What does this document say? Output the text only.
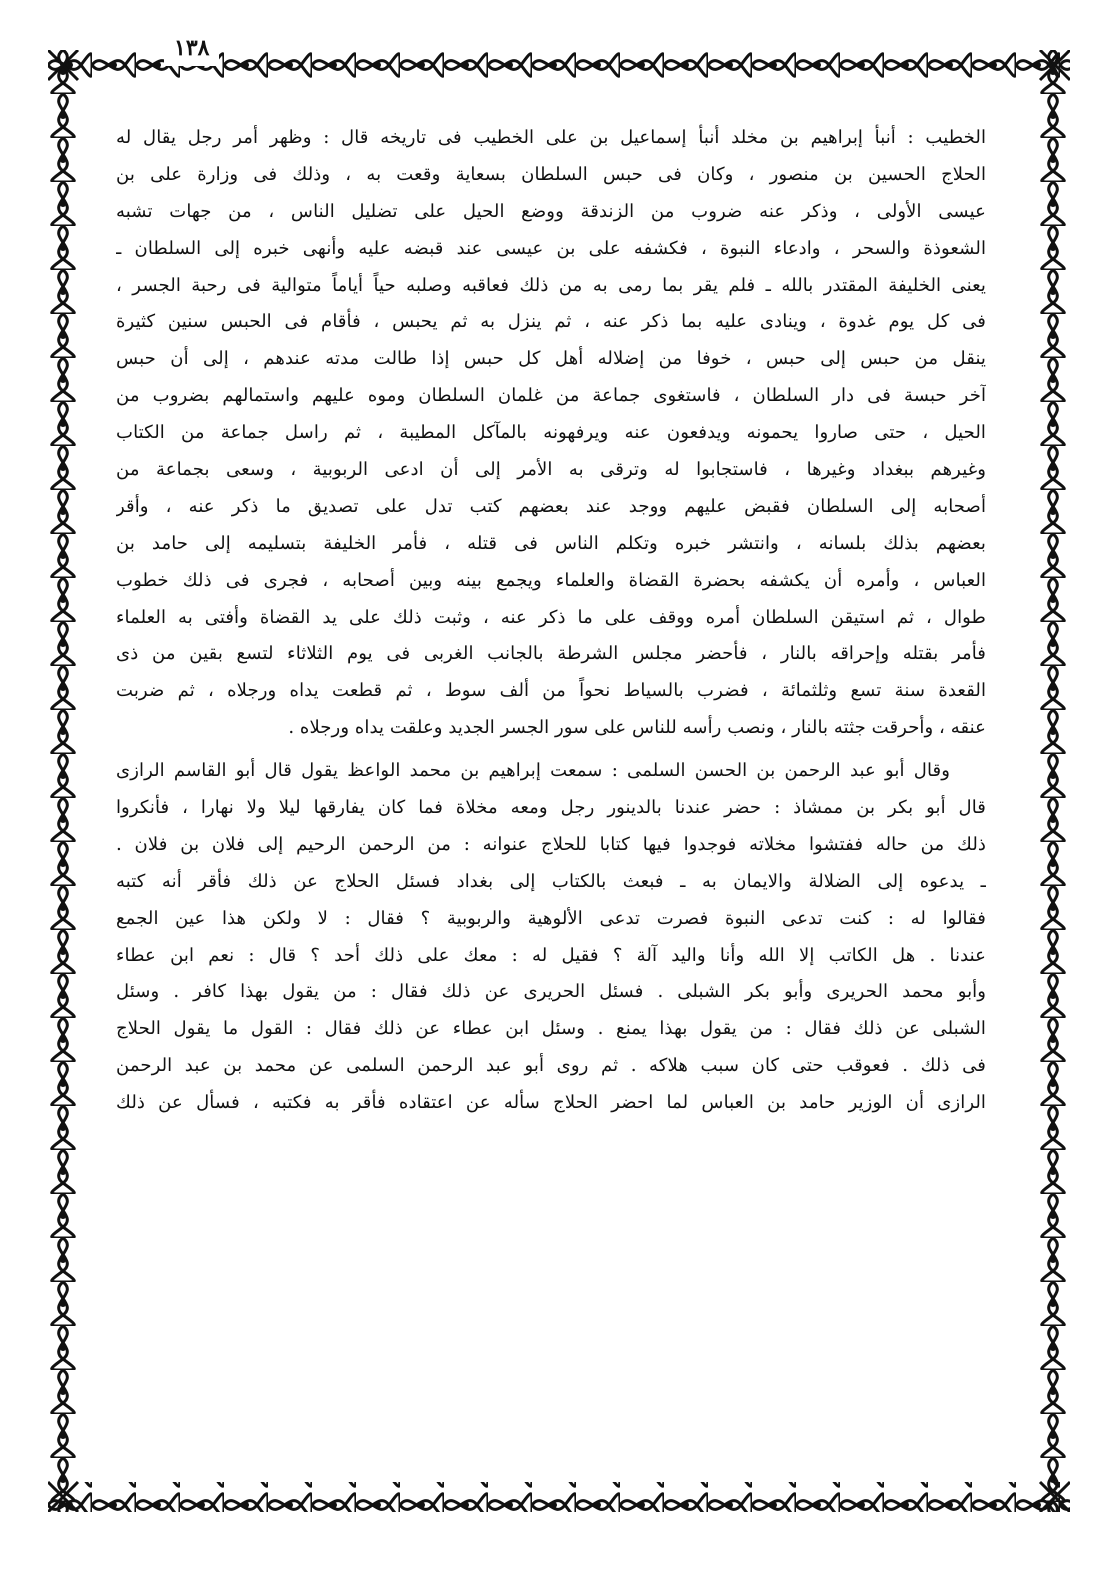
١٣٨
الخطيب : أنبأ إبراهيم بن مخلد أنبأ إسماعيل بن على الخطيب فى تاريخه قال : وظهر أمر رجل يقال له
الحلاج الحسين بن منصور ، وكان فى حبس السلطان بسعاية وقعت به ، وذلك فى وزارة على بن
عيسى الأولى ، وذكر عنه ضروب من الزندقة ووضع الحيل على تضليل الناس ، من جهات تشبه
الشعوذة والسحر ، وادعاء النبوة ، فكشفه على بن عيسى عند قبضه عليه وأنهى خبره إلى السلطان ـ
يعنى الخليفة المقتدر بالله ـ فلم يقر بما رمى به من ذلك فعاقبه وصلبه حياً أياماً متوالية فى رحبة الجسر ،
فى كل يوم غدوة ، وينادى عليه بما ذكر عنه ، ثم ينزل به ثم يحبس ، فأقام فى الحبس سنين كثيرة
ينقل من حبس إلى حبس ، خوفا من إضلاله أهل كل حبس إذا طالت مدته عندهم ، إلى أن حبس
آخر حبسة فى دار السلطان ، فاستغوى جماعة من غلمان السلطان وموه عليهم واستمالهم بضروب من
الحيل ، حتى صاروا يحمونه ويدفعون عنه ويرفهونه بالمآكل المطيبة ، ثم راسل جماعة من الكتاب
وغيرهم ببغداد وغيرها ، فاستجابوا له وترقى به الأمر إلى أن ادعى الربوبية ، وسعى بجماعة من
أصحابه إلى السلطان فقبض عليهم ووجد عند بعضهم كتب تدل على تصديق ما ذكر عنه ، وأقر
بعضهم بذلك بلسانه ، وانتشر خبره وتكلم الناس فى قتله ، فأمر الخليفة بتسليمه إلى حامد بن
العباس ، وأمره أن يكشفه بحضرة القضاة والعلماء ويجمع بينه وبين أصحابه ، فجرى فى ذلك خطوب
طوال ، ثم استيقن السلطان أمره ووقف على ما ذكر عنه ، وثبت ذلك على يد القضاة وأفتى به العلماء
فأمر بقتله وإحراقه بالنار ، فأحضر مجلس الشرطة بالجانب الغربى فى يوم الثلاثاء لتسع بقين من ذى
القعدة سنة تسع وثلثمائة ، فضرب بالسياط نحواً من ألف سوط ، ثم قطعت يداه ورجلاه ، ثم ضربت
عنقه ، وأحرقت جثته بالنار ، ونصب رأسه للناس على سور الجسر الجديد وعلقت يداه ورجلاه .
وقال أبو عبد الرحمن بن الحسن السلمى : سمعت إبراهيم بن محمد الواعظ يقول قال أبو القاسم الرازى
قال أبو بكر بن ممشاذ : حضر عندنا بالدينور رجل ومعه مخلاة فما كان يفارقها ليلا ولا نهارا ، فأنكروا
ذلك من حاله ففتشوا مخلاته فوجدوا فيها كتابا للحلاج عنوانه : من الرحمن الرحيم إلى فلان بن فلان .
ـ يدعوه إلى الضلالة والايمان به ـ فبعث بالكتاب إلى بغداد فسئل الحلاج عن ذلك فأقر أنه كتبه
فقالوا له : كنت تدعى النبوة فصرت تدعى الألوهية والربوبية ؟ فقال : لا ولكن هذا عين الجمع
عندنا . هل الكاتب إلا الله وأنا واليد آلة ؟ فقيل له : معك على ذلك أحد ؟ قال : نعم ابن عطاء
وأبو محمد الحريرى وأبو بكر الشبلى . فسئل الحريرى عن ذلك فقال : من يقول بهذا كافر . وسئل
الشبلى عن ذلك فقال : من يقول بهذا يمنع . وسئل ابن عطاء عن ذلك فقال : القول ما يقول الحلاج
فى ذلك . فعوقب حتى كان سبب هلاكه . ثم روى أبو عبد الرحمن السلمى عن محمد بن عبد الرحمن
الرازى أن الوزير حامد بن العباس لما احضر الحلاج سأله عن اعتقاده فأقر به فكتبه ، فسأل عن ذلك
